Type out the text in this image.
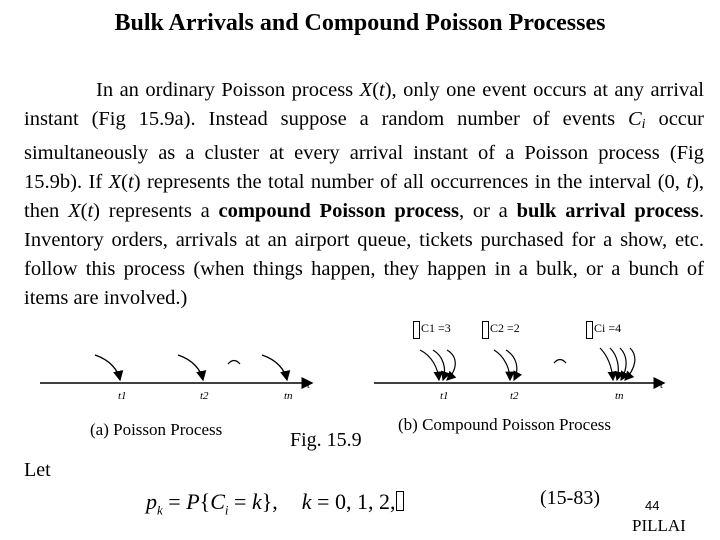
Bulk Arrivals and Compound Poisson Processes
In an ordinary Poisson process X(t), only one event occurs at any arrival instant (Fig 15.9a). Instead suppose a random number of events Ci occur simultaneously as a cluster at every arrival instant of a Poisson process (Fig 15.9b). If X(t) represents the total number of all occurrences in the interval (0, t), then X(t) represents a compound Poisson process, or a bulk arrival process. Inventory orders, arrivals at an airport queue, tickets purchased for a show, etc. follow this process (when things happen, they happen in a bulk, or a bunch of items are involved.)
t1	t2	tn
t
C1 =3	C2 =2	Ci =4
t1	t2	tn
t
(a) Poisson Process	Fig. 15.9
(b) Compound Poisson Process
Let
$p_k = P\{C_i = k\}$, k = 0, 1, 2,	(15-83)	44
PILLAI
